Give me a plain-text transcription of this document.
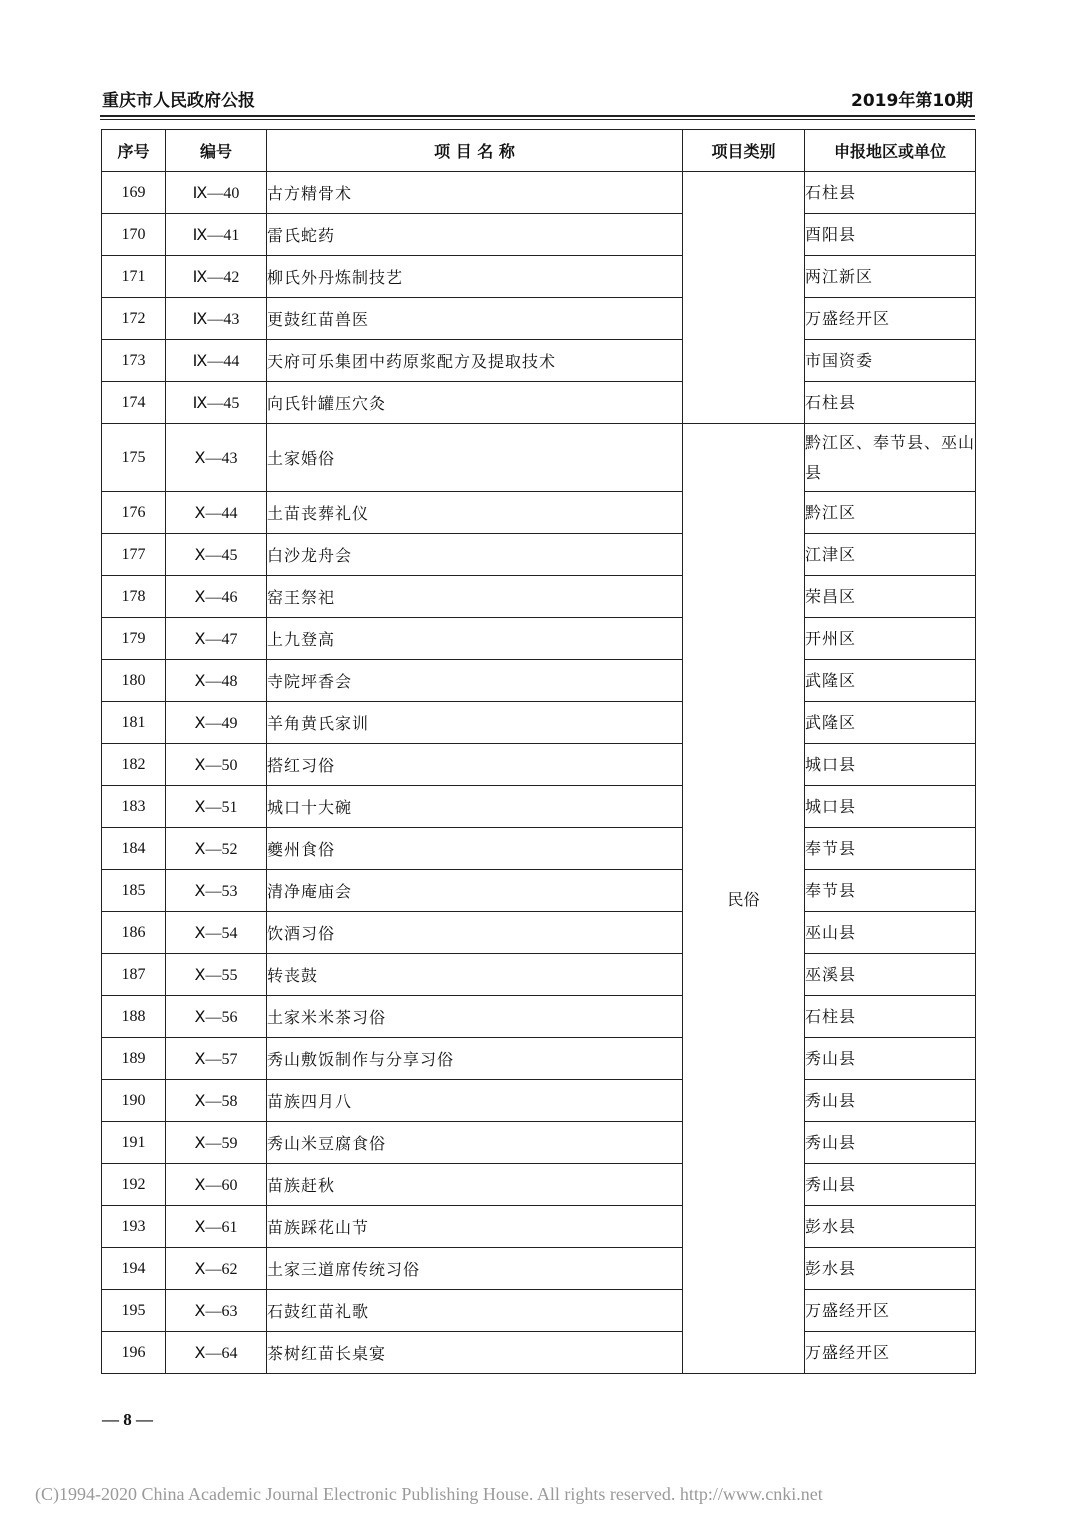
重庆市人民政府公报	2019年第10期
序号	编号	项 目 名 称	项目类别	申报地区或单位
169	Ⅸ—40	古方精骨术		石柱县
170	Ⅸ—41	雷氏蛇药		酉阳县
171	Ⅸ—42	柳氏外丹炼制技艺		两江新区
172	Ⅸ—43	更鼓红苗兽医		万盛经开区
173	Ⅸ—44	天府可乐集团中药原浆配方及提取技术		市国资委
174	Ⅸ—45	向氏针罐压穴灸		石柱县
175	Ⅹ—43	土家婚俗	民俗	黔江区、奉节县、巫山县
176	Ⅹ—44	土苗丧葬礼仪		黔江区
177	Ⅹ—45	白沙龙舟会		江津区
178	Ⅹ—46	窑王祭祀		荣昌区
179	Ⅹ—47	上九登高		开州区
180	Ⅹ—48	寺院坪香会		武隆区
181	Ⅹ—49	羊角黄氏家训		武隆区
182	Ⅹ—50	搭红习俗		城口县
183	Ⅹ—51	城口十大碗		城口县
184	Ⅹ—52	夔州食俗		奉节县
185	Ⅹ—53	清净庵庙会		奉节县
186	Ⅹ—54	饮酒习俗		巫山县
187	Ⅹ—55	转丧鼓		巫溪县
188	Ⅹ—56	土家米米茶习俗		石柱县
189	Ⅹ—57	秀山敷饭制作与分享习俗		秀山县
190	Ⅹ—58	苗族四月八		秀山县
191	Ⅹ—59	秀山米豆腐食俗		秀山县
192	Ⅹ—60	苗族赶秋		秀山县
193	Ⅹ—61	苗族踩花山节		彭水县
194	Ⅹ—62	土家三道席传统习俗		彭水县
195	Ⅹ—63	石鼓红苗礼歌		万盛经开区
196	Ⅹ—64	茶树红苗长桌宴		万盛经开区
— 8 —
(C)1994-2020 China Academic Journal Electronic Publishing House. All rights reserved. http://www.cnki.net
